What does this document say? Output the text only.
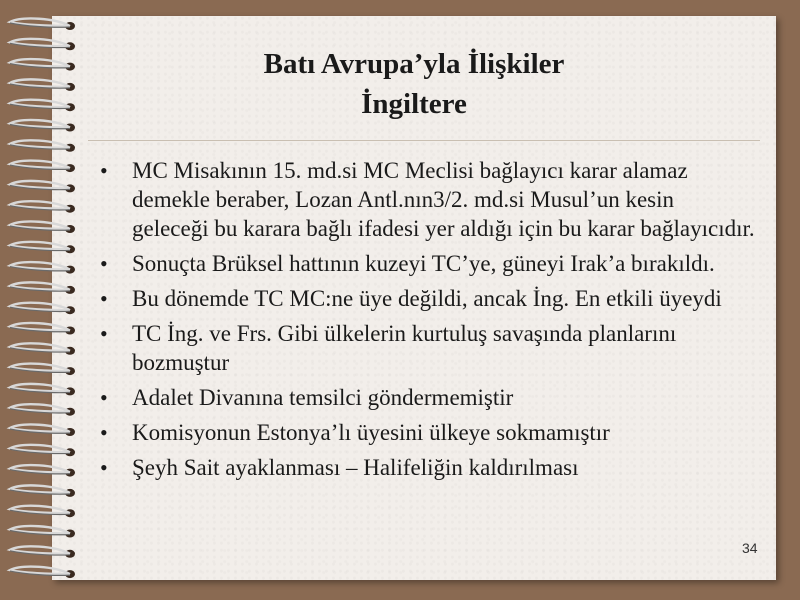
Batı Avrupa’yla İlişkiler
İngiltere
• MC Misakının 15. md.si MC Meclisi bağlayıcı karar alamaz demekle beraber, Lozan Antl.nın3/2. md.si Musul’un kesin geleceği bu karara bağlı ifadesi yer aldığı için bu karar bağlayıcıdır.
• Sonuçta Brüksel hattının kuzeyi TC’ye, güneyi Irak’a bırakıldı.
• Bu dönemde TC MC:ne üye değildi, ancak İng. En etkili üyeydi
• TC İng. ve Frs. Gibi ülkelerin kurtuluş savaşında planlarını bozmuştur
• Adalet Divanına temsilci göndermemiştir
• Komisyonun Estonya’lı üyesini ülkeye sokmamıştır
• Şeyh Sait ayaklanması – Halifeliğin kaldırılması
34
